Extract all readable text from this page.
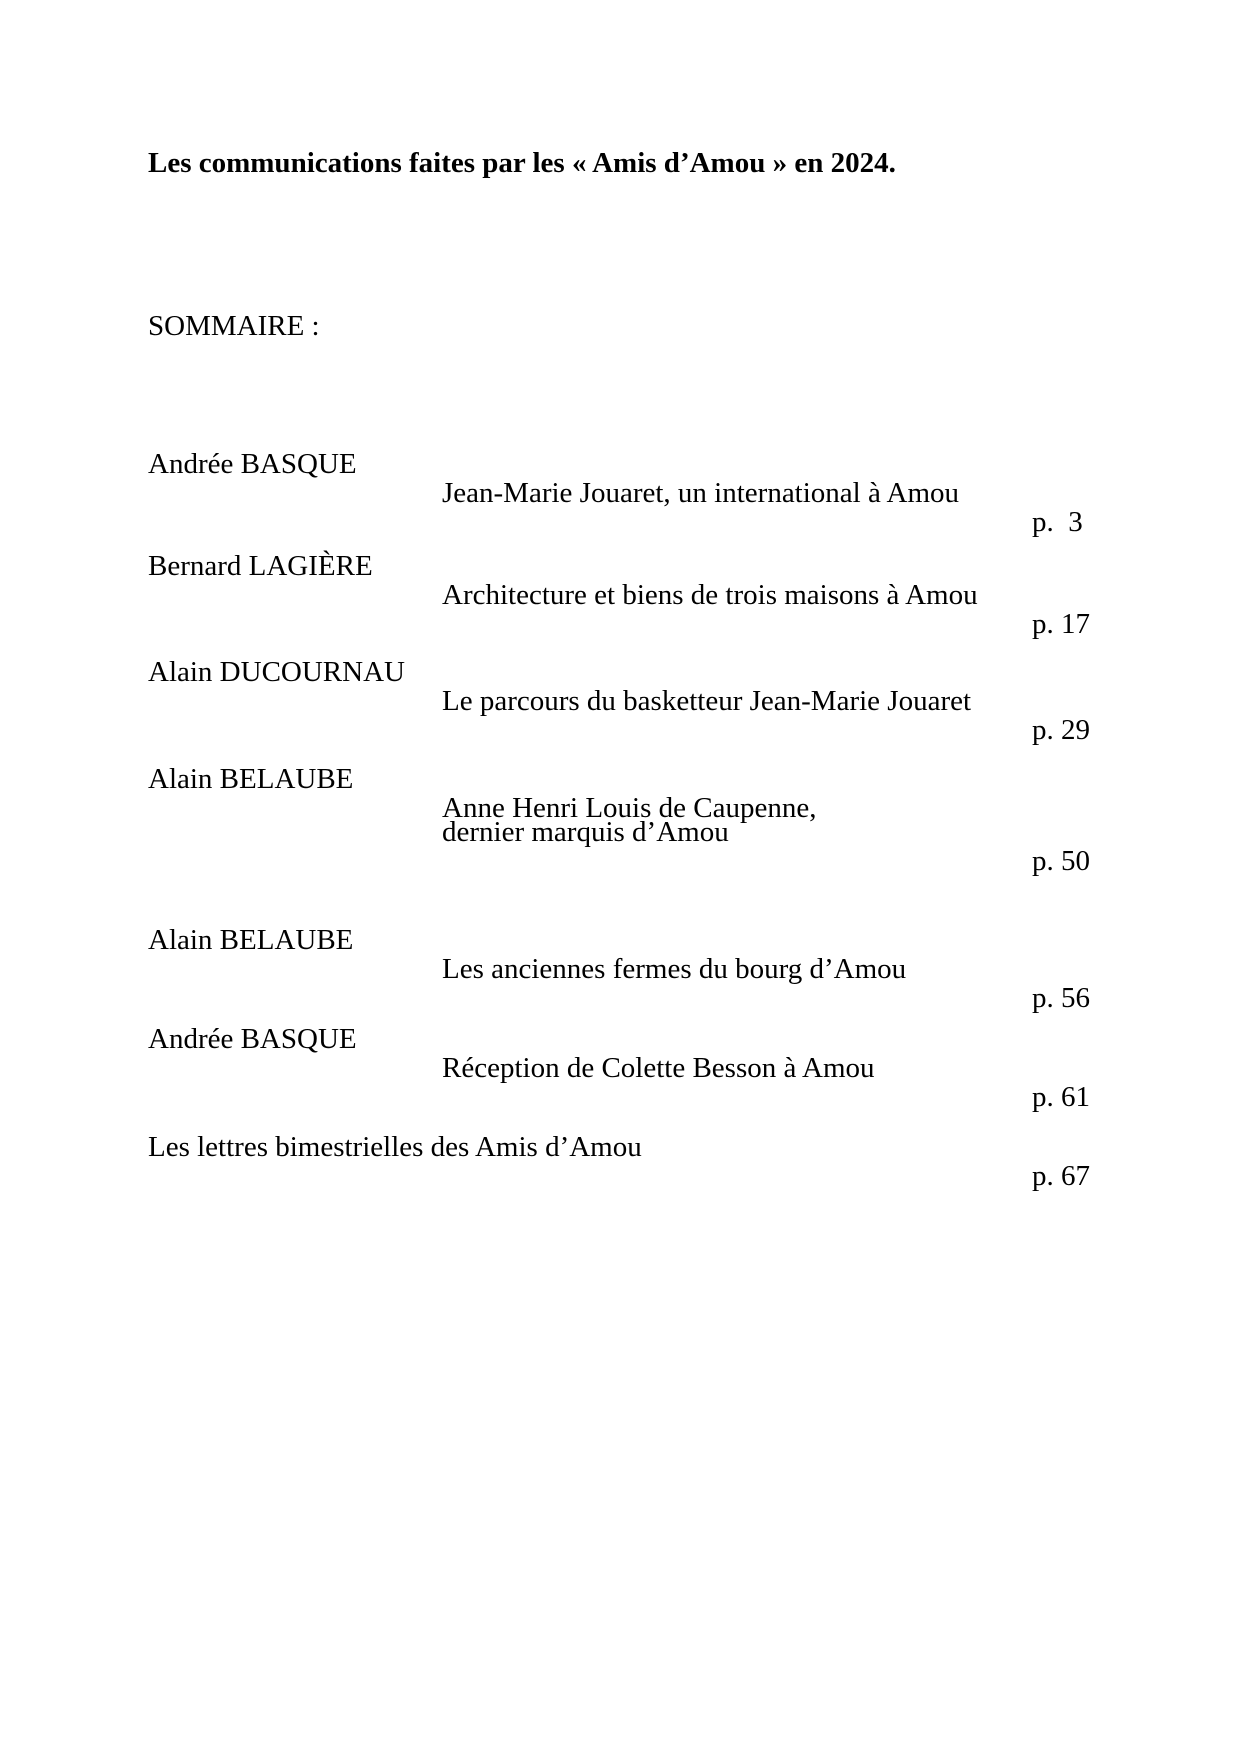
Les communications faites par les « Amis d’Amou » en 2024.
SOMMAIRE :

Andrée BASQUE

Jean-Marie Jouaret, un international à Amou

p.  3

Bernard LAGIÈRE

Architecture et biens de trois maisons à Amou

p. 17

Alain DUCOURNAU

Le parcours du basketteur Jean-Marie Jouaret

p. 29

Alain BELAUBE

Anne Henri Louis de Caupenne,

dernier marquis d’Amou

p. 50

Alain BELAUBE

Les anciennes fermes du bourg d’Amou

p. 56

Andrée BASQUE

Réception de Colette Besson à Amou

p. 61

Les lettres bimestrielles des Amis d’Amou

p. 67
